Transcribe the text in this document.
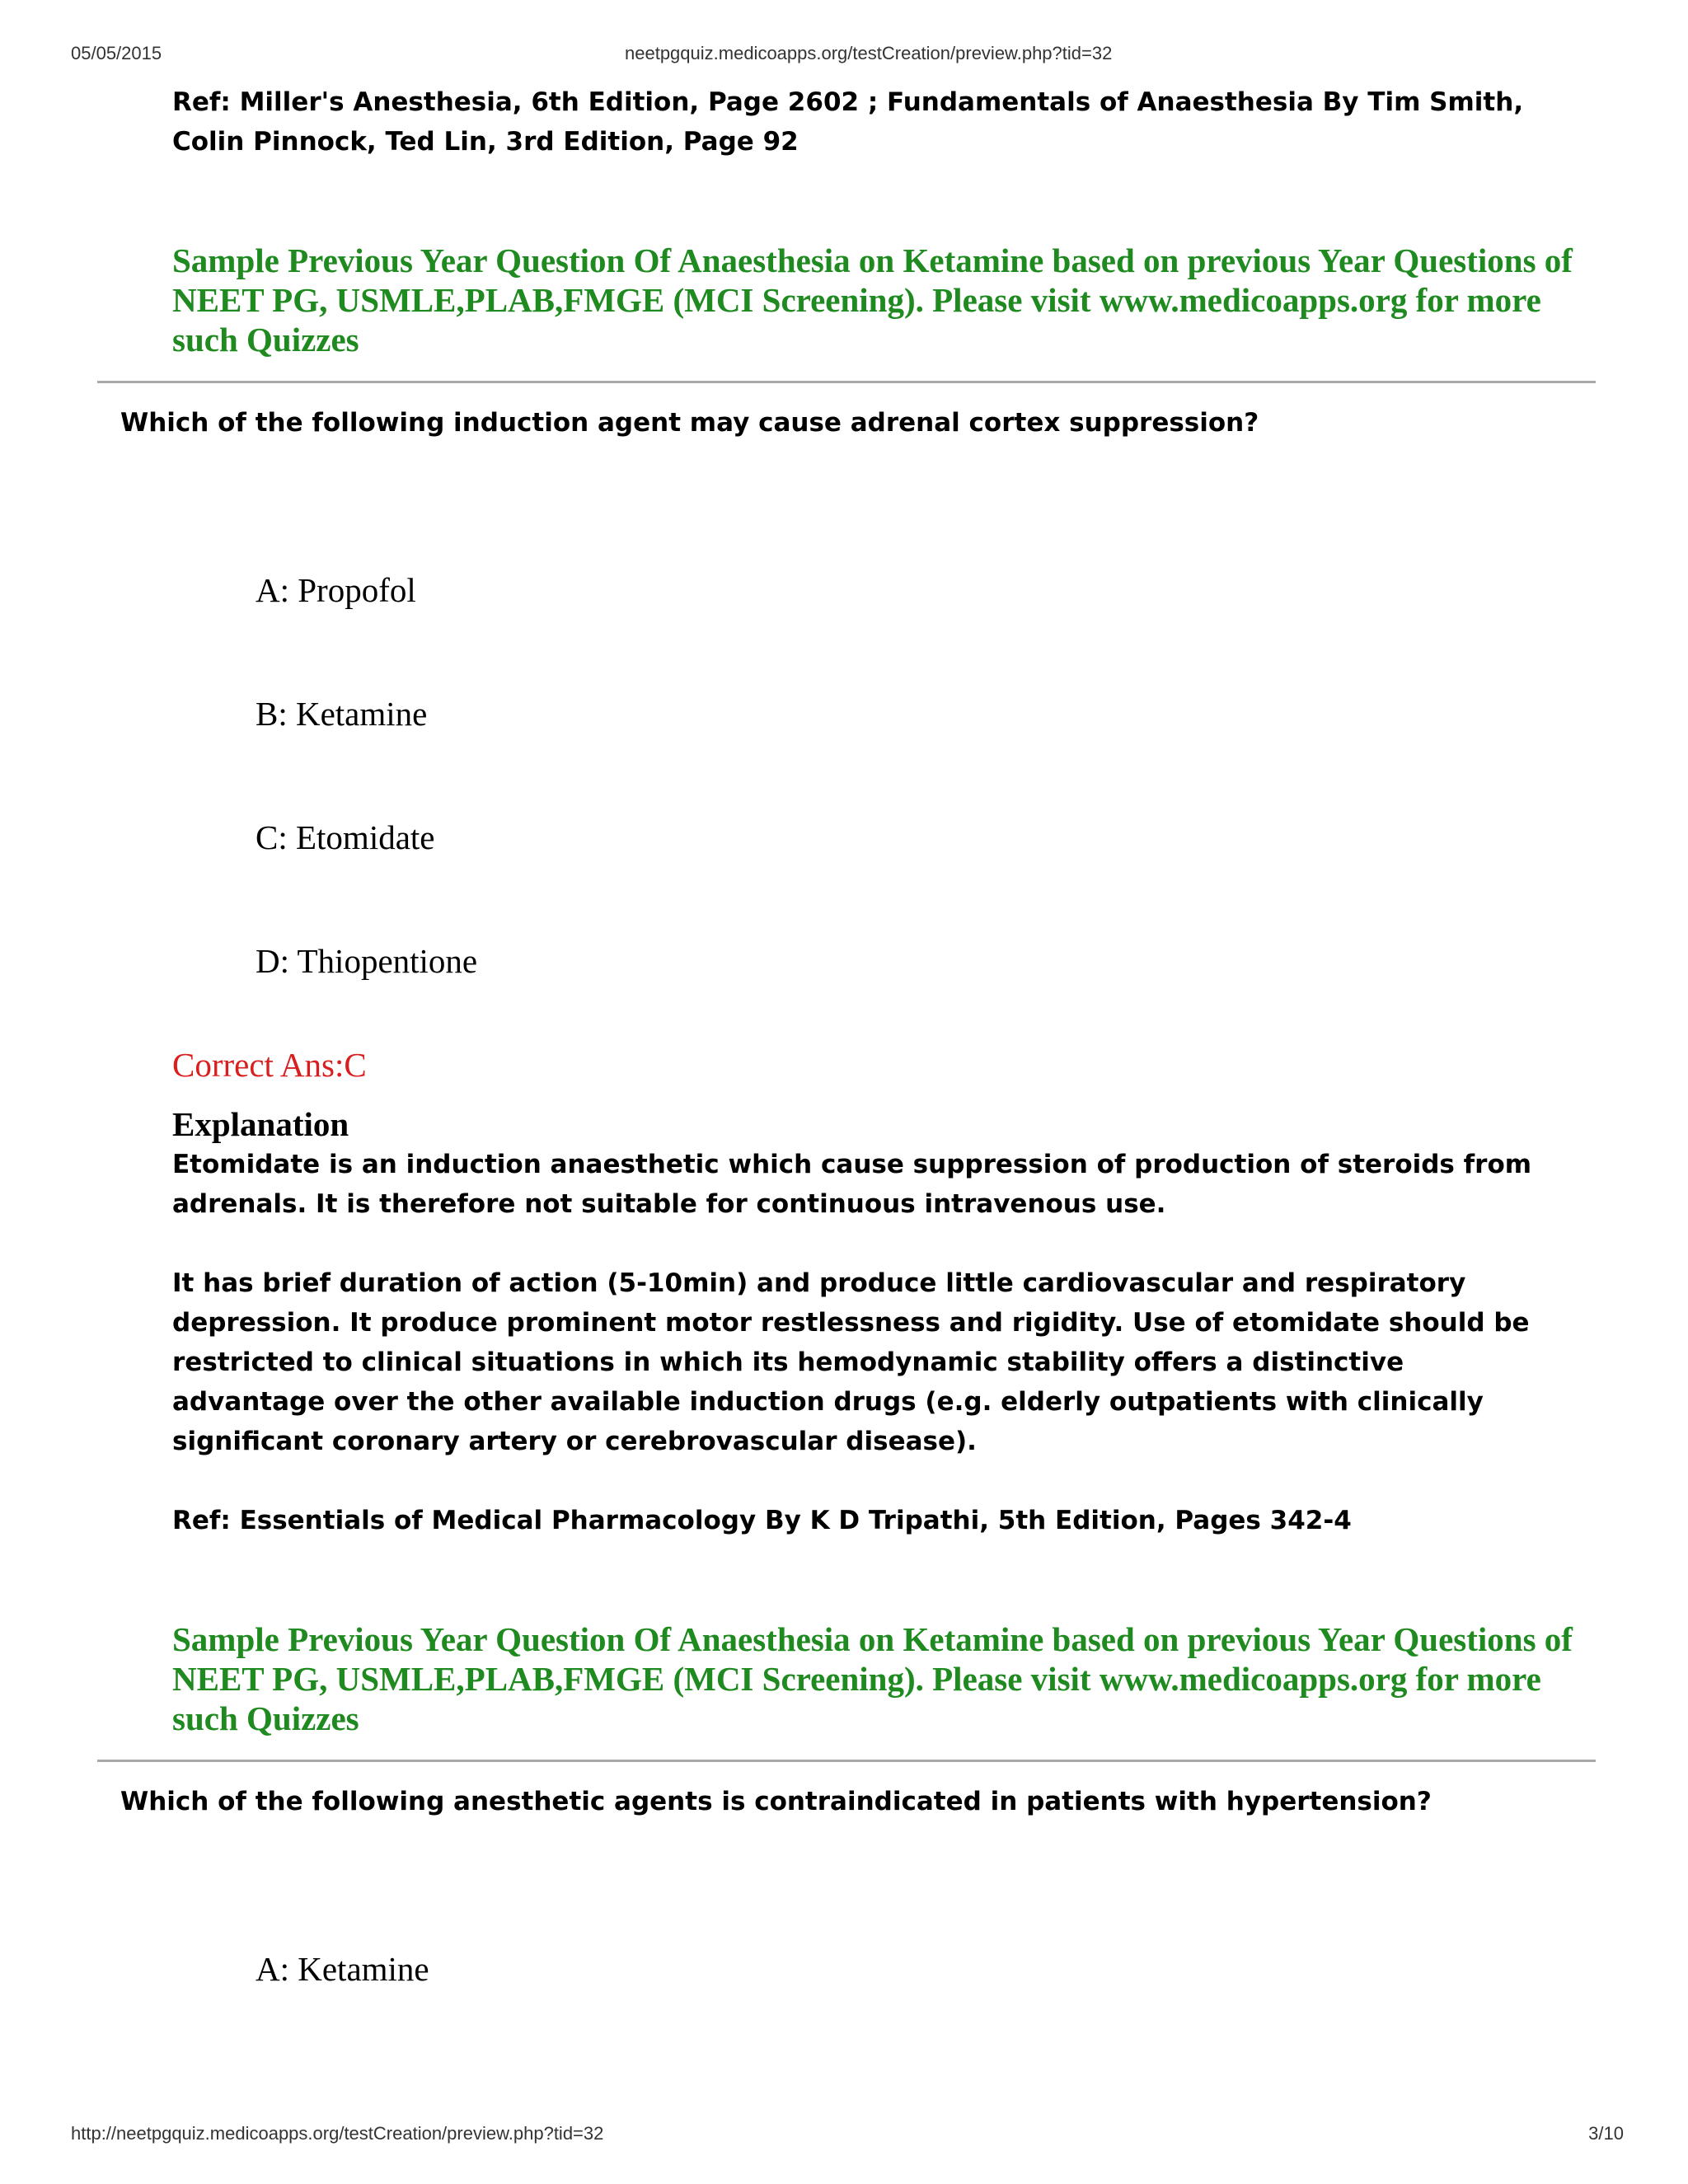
05/05/2015	neetpgquiz.medicoapps.org/testCreation/preview.php?tid=32
Ref: Miller's Anesthesia, 6th Edition, Page 2602 ; Fundamentals of Anaesthesia By Tim Smith, Colin Pinnock, Ted Lin, 3rd Edition, Page 92
Sample Previous Year Question Of Anaesthesia on Ketamine based on previous Year Questions of NEET PG, USMLE,PLAB,FMGE (MCI Screening). Please visit www.medicoapps.org for more such Quizzes
Which of the following induction agent may cause adrenal cortex suppression?
A: Propofol
B: Ketamine
C: Etomidate
D: Thiopentione
Correct Ans:C
Explanation
Etomidate is an induction anaesthetic which cause suppression of production of steroids from adrenals. It is therefore not suitable for continuous intravenous use.
It has brief duration of action (5-10min) and produce little cardiovascular and respiratory depression. It produce prominent motor restlessness and rigidity. Use of etomidate should be restricted to clinical situations in which its hemodynamic stability offers a distinctive advantage over the other available induction drugs (e.g. elderly outpatients with clinically significant coronary artery or cerebrovascular disease).
Ref: Essentials of Medical Pharmacology By K D Tripathi, 5th Edition, Pages 342-4
Sample Previous Year Question Of Anaesthesia on Ketamine based on previous Year Questions of NEET PG, USMLE,PLAB,FMGE (MCI Screening). Please visit www.medicoapps.org for more such Quizzes
Which of the following anesthetic agents is contraindicated in patients with hypertension?
A: Ketamine
http://neetpgquiz.medicoapps.org/testCreation/preview.php?tid=32	3/10
